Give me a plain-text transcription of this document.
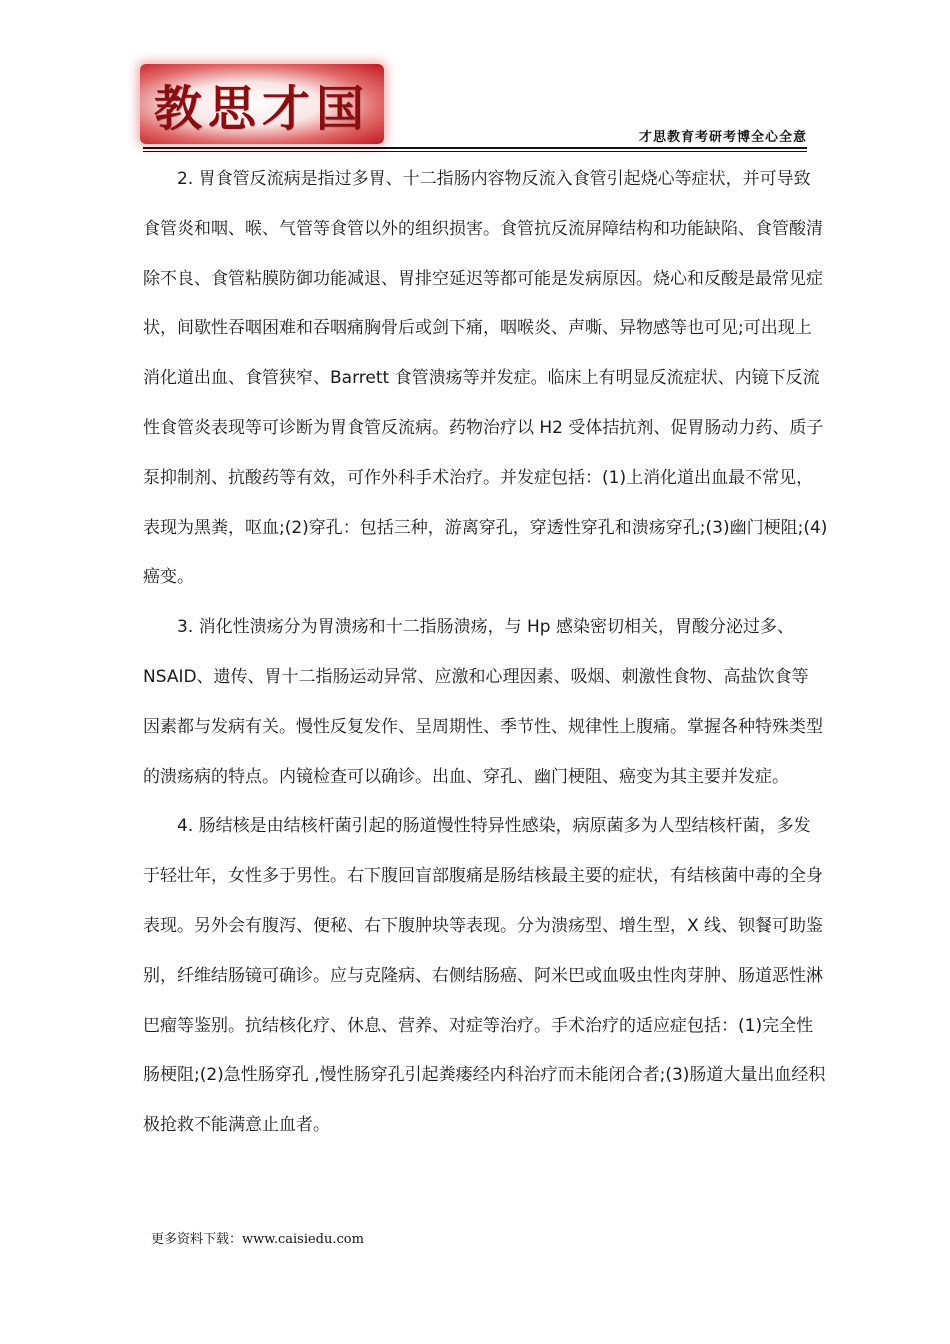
教思才国
才思教育考研考博全心全意
2. 胃食管反流病是指过多胃、十二指肠内容物反流入食管引起烧心等症状，并可导致
食管炎和咽、喉、气管等食管以外的组织损害。食管抗反流屏障结构和功能缺陷、食管酸清
除不良、食管粘膜防御功能减退、胃排空延迟等都可能是发病原因。烧心和反酸是最常见症
状，间歇性吞咽困难和吞咽痛胸骨后或剑下痛，咽喉炎、声嘶、异物感等也可见;可出现上
消化道出血、食管狭窄、Barrett 食管溃疡等并发症。临床上有明显反流症状、内镜下反流
性食管炎表现等可诊断为胃食管反流病。药物治疗以 H2 受体拮抗剂、促胃肠动力药、质子
泵抑制剂、抗酸药等有效，可作外科手术治疗。并发症包括：(1)上消化道出血最不常见，
表现为黑粪，呕血;(2)穿孔：包括三种，游离穿孔，穿透性穿孔和溃疡穿孔;(3)幽门梗阻;(4)
癌变。
3. 消化性溃疡分为胃溃疡和十二指肠溃疡，与 Hp 感染密切相关，胃酸分泌过多、
NSAID、遗传、胃十二指肠运动异常、应激和心理因素、吸烟、刺激性食物、高盐饮食等
因素都与发病有关。慢性反复发作、呈周期性、季节性、规律性上腹痛。掌握各种特殊类型
的溃疡病的特点。内镜检查可以确诊。出血、穿孔、幽门梗阻、癌变为其主要并发症。
4. 肠结核是由结核杆菌引起的肠道慢性特异性感染，病原菌多为人型结核杆菌，多发
于轻壮年，女性多于男性。右下腹回盲部腹痛是肠结核最主要的症状，有结核菌中毒的全身
表现。另外会有腹泻、便秘、右下腹肿块等表现。分为溃疡型、增生型，X 线、钡餐可助鉴
别，纤维结肠镜可确诊。应与克隆病、右侧结肠癌、阿米巴或血吸虫性肉芽肿、肠道恶性淋
巴瘤等鉴别。抗结核化疗、休息、营养、对症等治疗。手术治疗的适应症包括：(1)完全性
肠梗阻;(2)急性肠穿孔 ,慢性肠穿孔引起粪瘘经内科治疗而未能闭合者;(3)肠道大量出血经积
极抢救不能满意止血者。
更多资料下载：www.caisiedu.com
